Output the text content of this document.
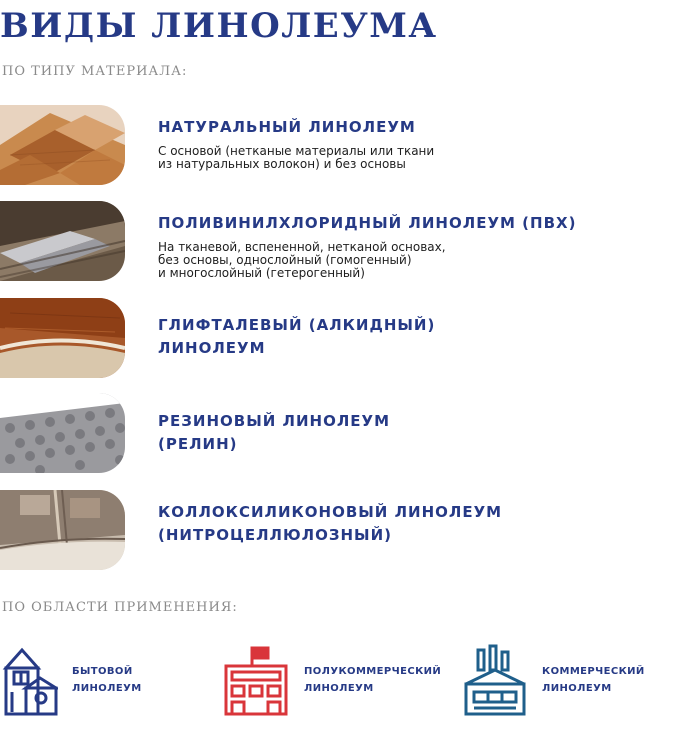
ВИДЫ ЛИНОЛЕУМА
ПО ТИПУ МАТЕРИАЛА:

НАТУРАЛЬНЫЙ ЛИНОЛЕУМ

С основой (нетканые материалы или ткани
из натуральных волокон) и без основы

ПОЛИВИНИЛХЛОРИДНЫЙ ЛИНОЛЕУМ (ПВХ)

На тканевой, вспененной, нетканой основах,
без основы, однослойный (гомогенный)
и многослойный (гетерогенный)

ГЛИФТАЛЕВЫЙ (АЛКИДНЫЙ)
ЛИНОЛЕУМ

РЕЗИНОВЫЙ ЛИНОЛЕУМ
(РЕЛИН)

КОЛЛОКСИЛИКОНОВЫЙ ЛИНОЛЕУМ
(НИТРОЦЕЛЛЮЛОЗНЫЙ)

ПО ОБЛАСТИ ПРИМЕНЕНИЯ:
БЫТОВОЙ
ЛИНОЛЕУМ
ПОЛУКОММЕРЧЕСКИЙ
ЛИНОЛЕУМ
КОММЕРЧЕСКИЙ
ЛИНОЛЕУМ
